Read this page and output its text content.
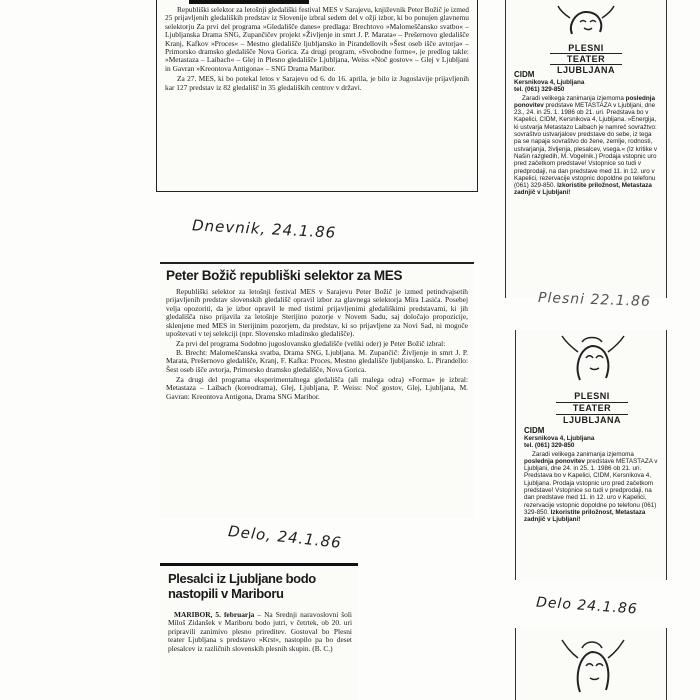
Republiški selektor za letošnji gledališki festival MES v Sarajevu, književnik Peter Božič je izmed 25 prijavljenih gledaliških predstav iz Slovenije izbral sedem del v ožji izbor, ki bo ponujen glavnemu selektorju Za prvi del programa »Gledališče danes« predlaga: Brechtovo »Malomeščansko svatbo« – Ljubljanska Drama SNG, Zupančičev projekt »Življenje in smrt J. P. Marata« – Prešernovo gledališče Kranj, Kafkov »Proces« – Mestno gledališče ljubljansko in Pirandellovih »Šest oseb išče avtorja« – Primorsko dramsko gledališče Nova Gorica. Za drugi program, »Svobodne forme«, je predlog takle: »Metastaza – Laibach« – Glej in Plesno gledališče Ljubljana, Weiss »Noč gostov« – Glej v Ljubljani in Gavran »Kreontova Antigona« – SNG Drama Maribor.

Za 27. MES, ki bo potekal letos v Sarajevu od 6. do 16. aprila, je bilo iz Jugoslavije prijavljenih kar 127 predstav iz 82 gledališč in 35 gledaliških centrov v državi.

Dnevnik, 24.1.86
Peter Božič republiški selektor za MES

Republiški selektor za letošnji festival MES v Sarajevu Peter Božič je izmed petindvajsetih prijavljenih predstav slovenskih gledališč opravil izbor za glavnega selektorja Mira Lasića. Posebej velja opozoriti, da je izbor opravil le med tistimi prijavljenimi gledališkimi predstavami, ki jih gledališča niso prijavila za letošnje Sterijino pozorje v Novem Sadu, saj določajo propozicije, sklenjene med MES in Sterijinim pozorjem, da predstav, ki so prijavljene za Novi Sad, ni mogoče upoštevati v tej selekciji (npr. Slovensko mladinsko gledališče).

Za prvi del programa Sodobno jugoslovansko gledališče (veliki oder) je Peter Božič izbral:

B. Brecht: Malomeščanska svatba, Drama SNG, Ljubljana. M. Zupančič: Življenje in smrt J. P. Marata, Prešernovo gledališče, Kranj, F. Kafka: Proces, Mestno gledališče ljubljansko. L. Pirandello: Šest oseb išče avtorja, Primorsko dramsko gledališče, Nova Gorica.

Za drugi del programa eksperimentalnega gledališča (ali malega odra) »Forma« je izbral: Metastaza – Laibach (koreodrama), Glej, Ljubljana, P. Weiss: Noč gostov, Glej, Ljubljana, M. Gavran: Kreontova Antigona, Drama SNG Maribor.

Delo, 24.1.86
Plesalci iz Ljubljane bodo nastopili v Mariboru

MARIBOR, 5. februarja – Na Srednji naravoslovni šoli Miloš Zidanšek v Mariboru bodo jutri, v četrtek, ob 20. uri pripravili zanimivo plesno prireditev. Gostoval bo Plesni teater Ljubljana s predstavo »Krst«, nastopilo pa bo deset plesalcev iz različnih slovenskih plesnih skupin. (B. C.)

PLESNI
TEATER
LJUBLJANA
CIDM
Kersnikova 4, Ljubljana
tel. (061) 329-850

Zaradi velikega zanimanja izjemoma poslednja ponovitev predstave METASTAZA v Ljubljani, dne 23., 24. in 25. 1. 1986 ob 21. uri. Predstava bo v Kapelici, CIDM, Kersnikova 4, Ljubljana. »Energija, ki ustvarja Metastazo Laibach je namreč sovražtvo: sovraštvo ustvarjalcev predstave do sebe, iz tega pa se napaja sovraštvo do žene, zemlje, rodnosti, ustvarjanja, življenja, plesalcev, vsega.« (Iz kritike v Našin razgledih, M. Vogelnik.) Prodaja vstopnic uro pred začetkom predstave! Vstopnice so tudi v predprodaji, na dan predstave med 11. in 12. uro v Kapelici, rezervacije vstopnic dopoldne po telefonu (061) 329-850. Izkoristite priložnost, Metastaza zadnjič v Ljubljani!

Plesni 22.1.86
PLESNI
TEATER
LJUBLJANA
CIDM
Kersnikova 4, Ljubljana
tel. (061) 329-850

Zaradi velikega zanimanja izjemoma poslednja ponovitev predstave METASTAZA v Ljubljani, dne 24. in 25. 1. 1986 ob 21. uri. Predstava bo v Kapelici, CIDM, Kersnikova 4, Ljubljana. Prodaja vstopnic uro pred začetkom predstave! Vstopnice so tudi v predprodaji, na dan predstave med 11. in 12. uro v Kapelici, rezervacije vstopnic dopoldne po telefonu (061) 329-850. Izkoristite priložnost, Metastaza zadnjič v Ljubljani!

Delo 24.1.86
